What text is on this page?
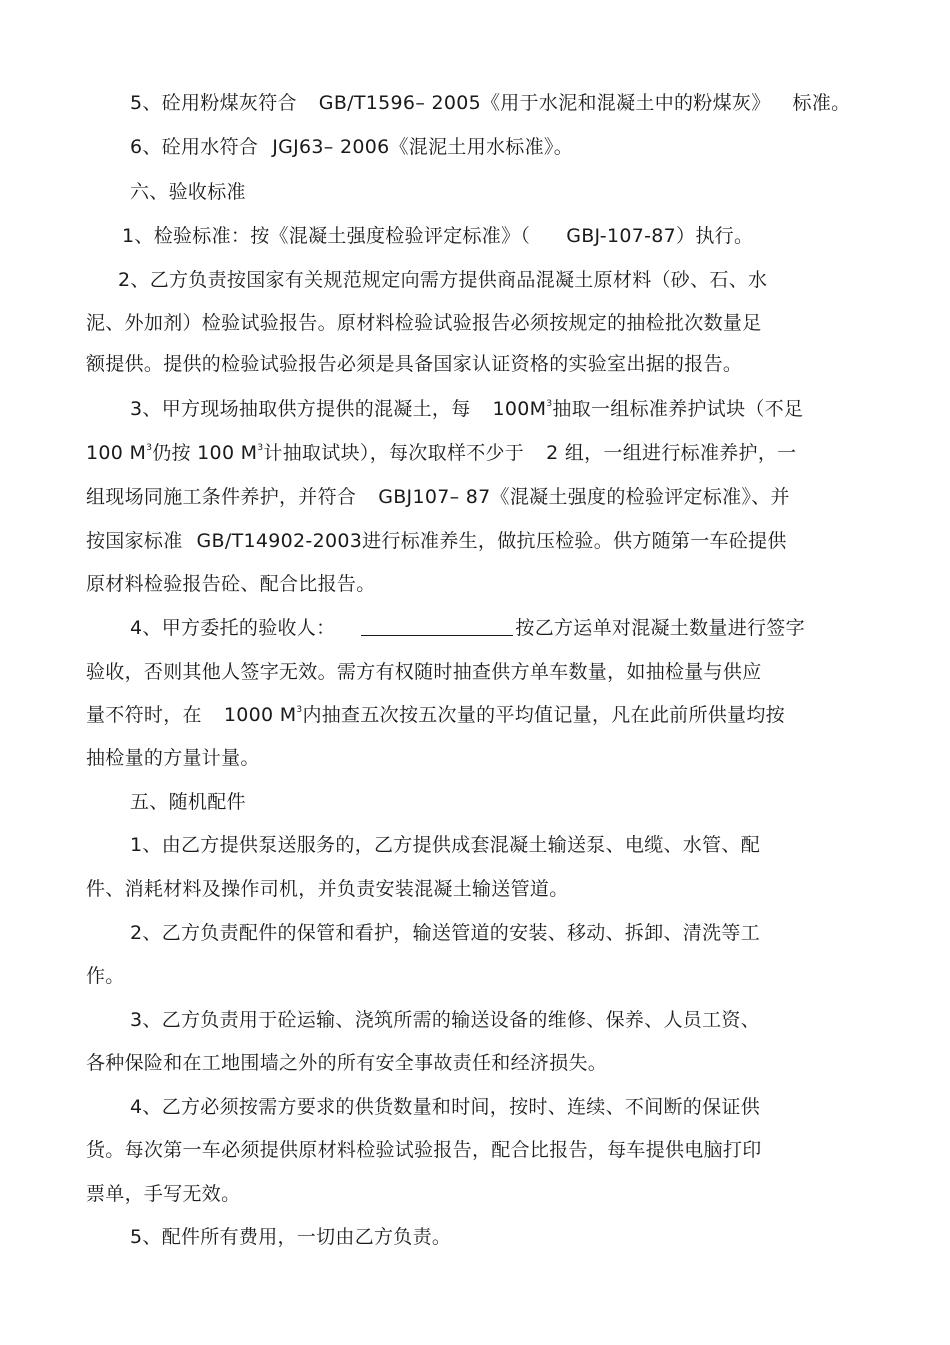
5、砼用粉煤灰符合 GB/T1596– 2005《用于水泥和混凝土中的粉煤灰》 标准。
6、砼用水符合 JGJ63– 2006《混泥土用水标准》。
六、验收标准
1、检验标准：按《混凝土强度检验评定标准》（ GBJ-107-87）执行。
2、乙方负责按国家有关规范规定向需方提供商品混凝土原材料（砂、石、水
泥、外加剂）检验试验报告。原材料检验试验报告必须按规定的抽检批次数量足
额提供。提供的检验试验报告必须是具备国家认证资格的实验室出据的报告。
3、甲方现场抽取供方提供的混凝土，每 $100M^3$抽取一组标准养护试块（不足
100 $M^3$仍按 100 $M^3$计抽取试块），每次取样不少于 2 组，一组进行标准养护，一
组现场同施工条件养护，并符合 GBJ107– 87《混凝土强度的检验评定标准》、并
按国家标准 GB/T14902-2003进行标准养生，做抗压检验。供方随第一车砼提供
原材料检验报告砼、配合比报告。
4、甲方委托的验收人：	按乙方运单对混凝土数量进行签字
验收，否则其他人签字无效。需方有权随时抽查供方单车数量，如抽检量与供应
量不符时，在 1000 $M^3$内抽查五次按五次量的平均值记量，凡在此前所供量均按
抽检量的方量计量。
五、随机配件
1、由乙方提供泵送服务的，乙方提供成套混凝土输送泵、电缆、水管、配
件、消耗材料及操作司机，并负责安装混凝土输送管道。
2、乙方负责配件的保管和看护，输送管道的安装、移动、拆卸、清洗等工
作。
3、乙方负责用于砼运输、浇筑所需的输送设备的维修、保养、人员工资、
各种保险和在工地围墙之外的所有安全事故责任和经济损失。
4、乙方必须按需方要求的供货数量和时间，按时、连续、不间断的保证供
货。每次第一车必须提供原材料检验试验报告，配合比报告，每车提供电脑打印
票单，手写无效。
5、配件所有费用，一切由乙方负责。
